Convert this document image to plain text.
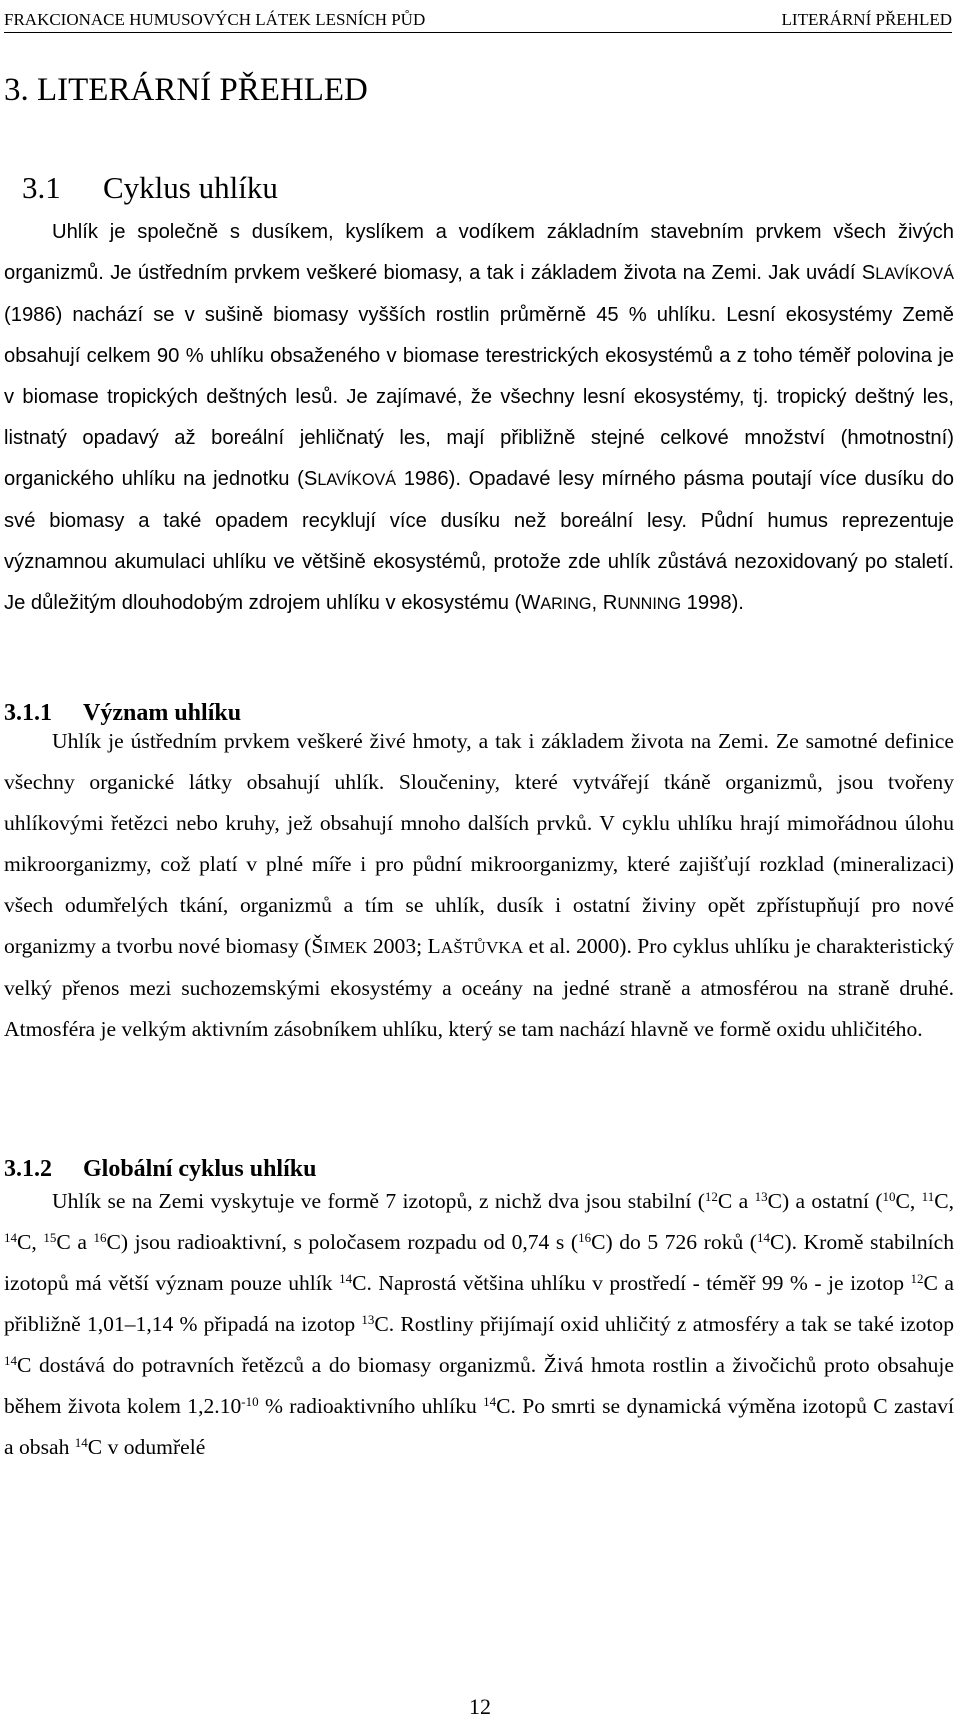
FRAKCIONACE HUMUSOVÝCH LÁTEK LESNÍCH PŮD	LITERÁRNÍ PŘEHLED
3. LITERÁRNÍ PŘEHLED
3.1 Cyklus uhlíku

Uhlík je společně s dusíkem, kyslíkem a vodíkem základním stavebním prvkem všech živých organizmů. Je ústředním prvkem veškeré biomasy, a tak i základem života na Zemi. Jak uvádí SLAVÍKOVÁ (1986) nachází se v sušině biomasy vyšších rostlin průměrně 45 % uhlíku. Lesní ekosystémy Země obsahují celkem 90 % uhlíku obsaženého v biomase terestrických ekosystémů a z toho téměř polovina je v biomase tropických deštných lesů. Je zajímavé, že všechny lesní ekosystémy, tj. tropický deštný les, listnatý opadavý až boreální jehličnatý les, mají přibližně stejné celkové množství (hmotnostní) organického uhlíku na jednotku (SLAVÍKOVÁ 1986). Opadavé lesy mírného pásma poutají více dusíku do své biomasy a také opadem recyklují více dusíku než boreální lesy. Půdní humus reprezentuje významnou akumulaci uhlíku ve většině ekosystémů, protože zde uhlík zůstává nezoxidovaný po staletí. Je důležitým dlouhodobým zdrojem uhlíku v ekosystému (WARING, RUNNING 1998).

3.1.1 Význam uhlíku

Uhlík je ústředním prvkem veškeré živé hmoty, a tak i základem života na Zemi. Ze samotné definice všechny organické látky obsahují uhlík. Sloučeniny, které vytvářejí tkáně organizmů, jsou tvořeny uhlíkovými řetězci nebo kruhy, jež obsahují mnoho dalších prvků. V cyklu uhlíku hrají mimořádnou úlohu mikroorganizmy, což platí v plné míře i pro půdní mikroorganizmy, které zajišťují rozklad (mineralizaci) všech odumřelých tkání, organizmů a tím se uhlík, dusík i ostatní živiny opět zpřístupňují pro nové organizmy a tvorbu nové biomasy (ŠIMEK 2003; LAŠTŮVKA et al. 2000). Pro cyklus uhlíku je charakteristický velký přenos mezi suchozemskými ekosystémy a oceány na jedné straně a atmosférou na straně druhé. Atmosféra je velkým aktivním zásobníkem uhlíku, který se tam nachází hlavně ve formě oxidu uhličitého.

3.1.2 Globální cyklus uhlíku

Uhlík se na Zemi vyskytuje ve formě 7 izotopů, z nichž dva jsou stabilní ($^{12}$C a $^{13}$C) a ostatní ($^{10}$C, $^{11}$C, $^{14}$C, $^{15}$C a $^{16}$C) jsou radioaktivní, s poločasem rozpadu od 0,74 s ($^{16}$C) do 5 726 roků ($^{14}$C). Kromě stabilních izotopů má větší význam pouze uhlík $^{14}$C. Naprostá většina uhlíku v prostředí - téměř 99 % - je izotop $^{12}$C a přibližně 1,01–1,14 % připadá na izotop $^{13}$C. Rostliny přijímají oxid uhličitý z atmosféry a tak se také izotop $^{14}$C dostává do potravních řetězců a do biomasy organizmů. Živá hmota rostlin a živočichů proto obsahuje během života kolem $1,2.10^{-10}$ % radioaktivního uhlíku $^{14}$C. Po smrti se dynamická výměna izotopů C zastaví a obsah $^{14}$C v odumřelé

12
